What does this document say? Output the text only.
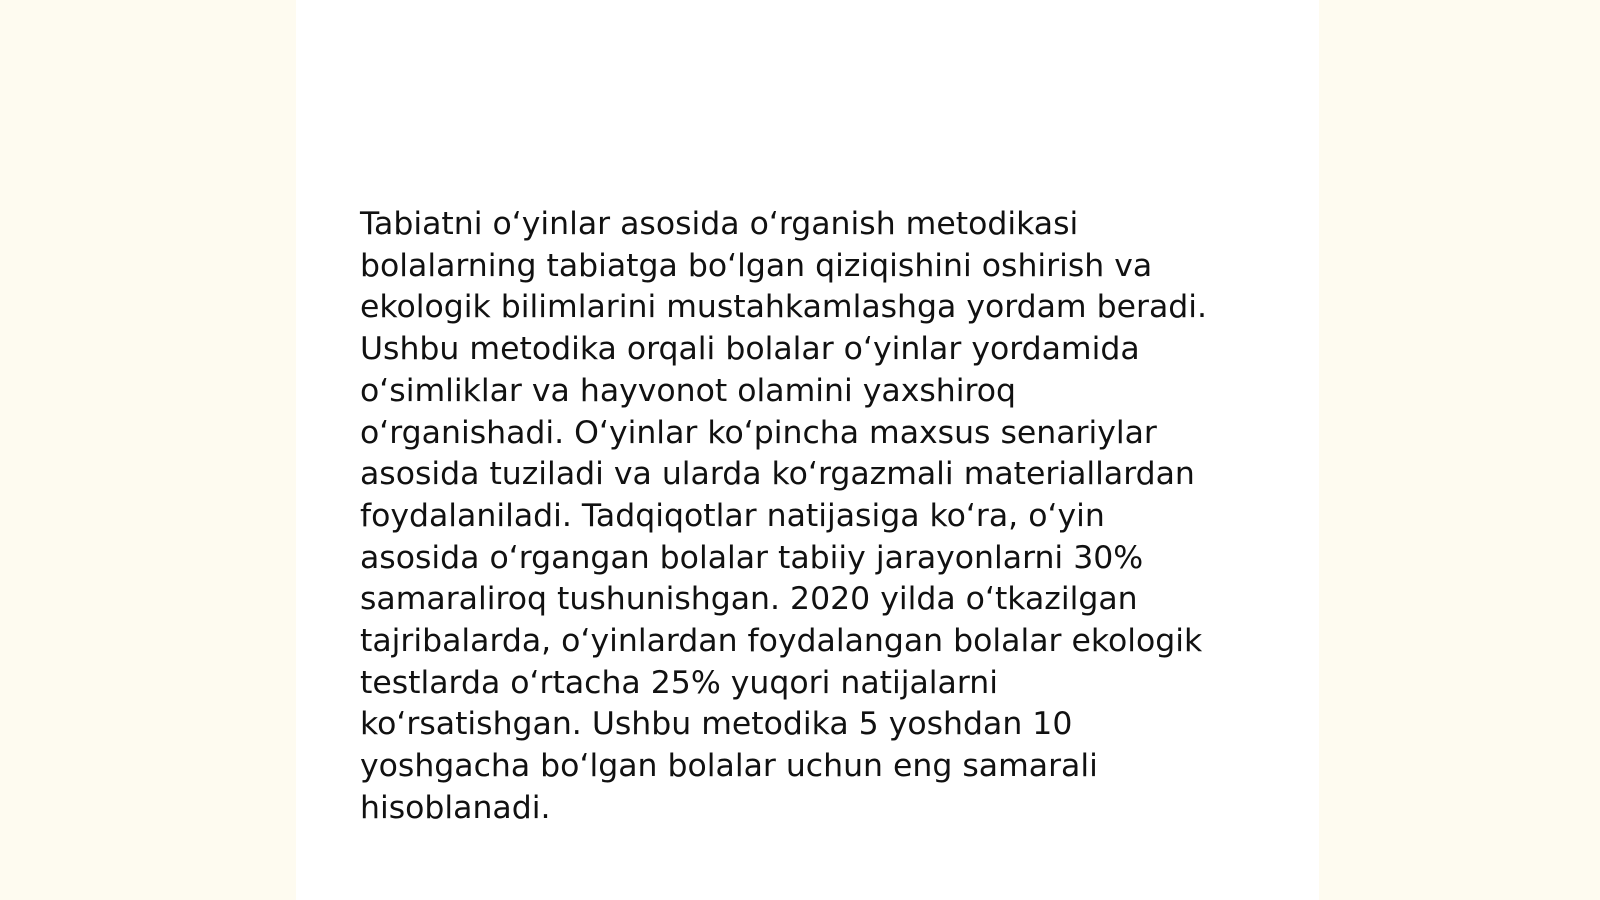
Tabiatni o‘yinlar asosida o‘rganish metodikasi
bolalarning tabiatga bo‘lgan qiziqishini oshirish va
ekologik bilimlarini mustahkamlashga yordam beradi.
Ushbu metodika orqali bolalar o‘yinlar yordamida
o‘simliklar va hayvonot olamini yaxshiroq
o‘rganishadi. O‘yinlar ko‘pincha maxsus senariylar
asosida tuziladi va ularda ko‘rgazmali materiallardan
foydalaniladi. Tadqiqotlar natijasiga ko‘ra, o‘yin
asosida o‘rgangan bolalar tabiiy jarayonlarni 30%
samaraliroq tushunishgan. 2020 yilda o‘tkazilgan
tajribalarda, o‘yinlardan foydalangan bolalar ekologik
testlarda o‘rtacha 25% yuqori natijalarni
ko‘rsatishgan. Ushbu metodika 5 yoshdan 10
yoshgacha bo‘lgan bolalar uchun eng samarali
hisoblanadi.
